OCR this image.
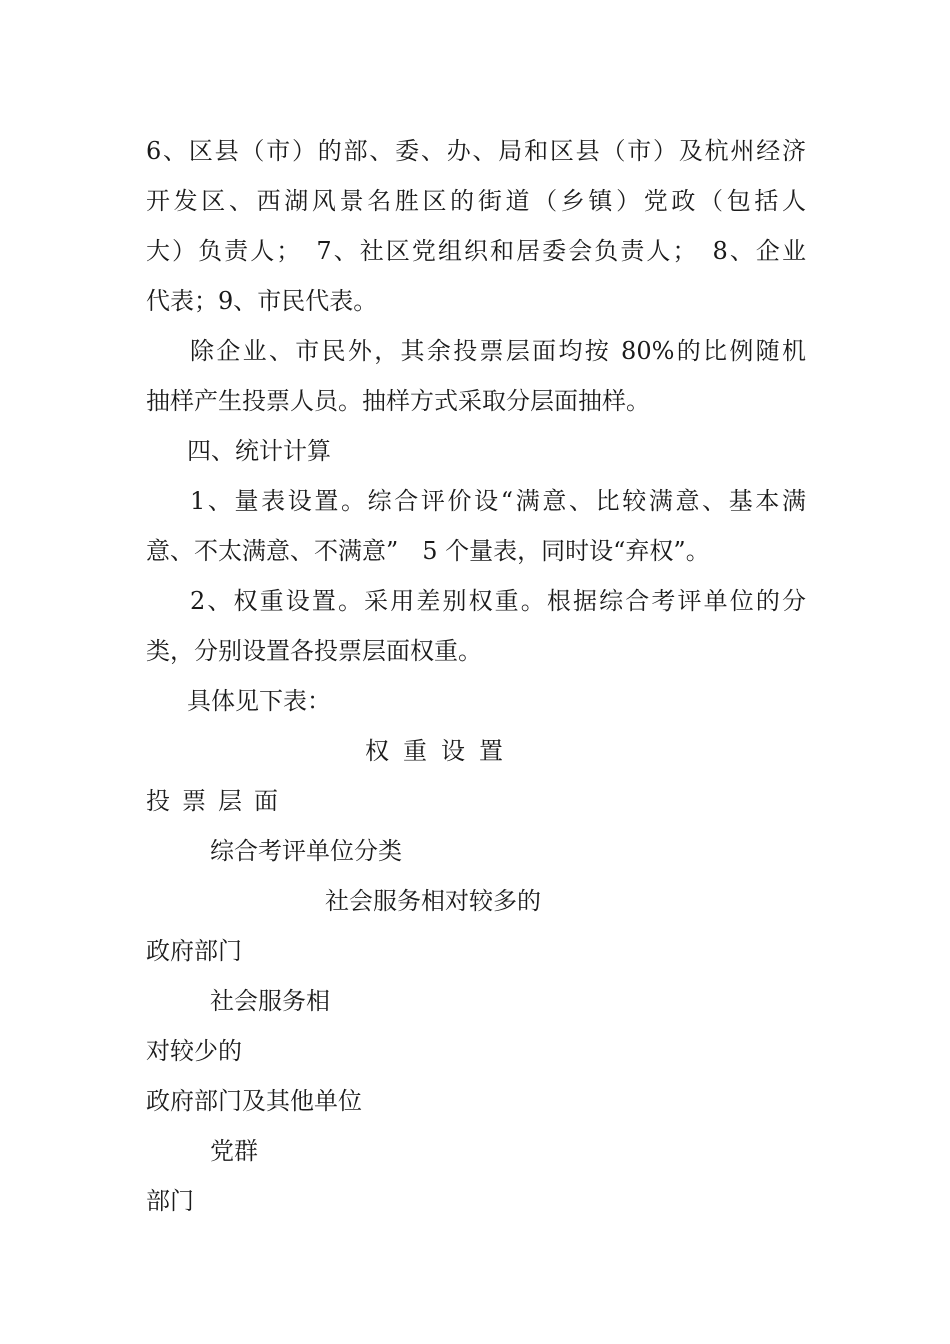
6、区县（市）的部、委、办、局和区县（市）及杭州经济
开发区、西湖风景名胜区的街道（乡镇）党政（包括人
大）负责人；　7、社区党组织和居委会负责人；　8、企业
代表；9、市民代表。
除企业、市民外，其余投票层面均按 80%的比例随机
抽样产生投票人员。抽样方式采取分层面抽样。
四、统计计算
1、量表设置。综合评价设“满意、比较满意、基本满
意、不太满意、不满意”　5 个量表，同时设“弃权”。
2、权重设置。采用差别权重。根据综合考评单位的分
类，分别设置各投票层面权重。
具体见下表：
权重设置
投票层面
综合考评单位分类
社会服务相对较多的
政府部门
社会服务相
对较少的
政府部门及其他单位
党群
部门
